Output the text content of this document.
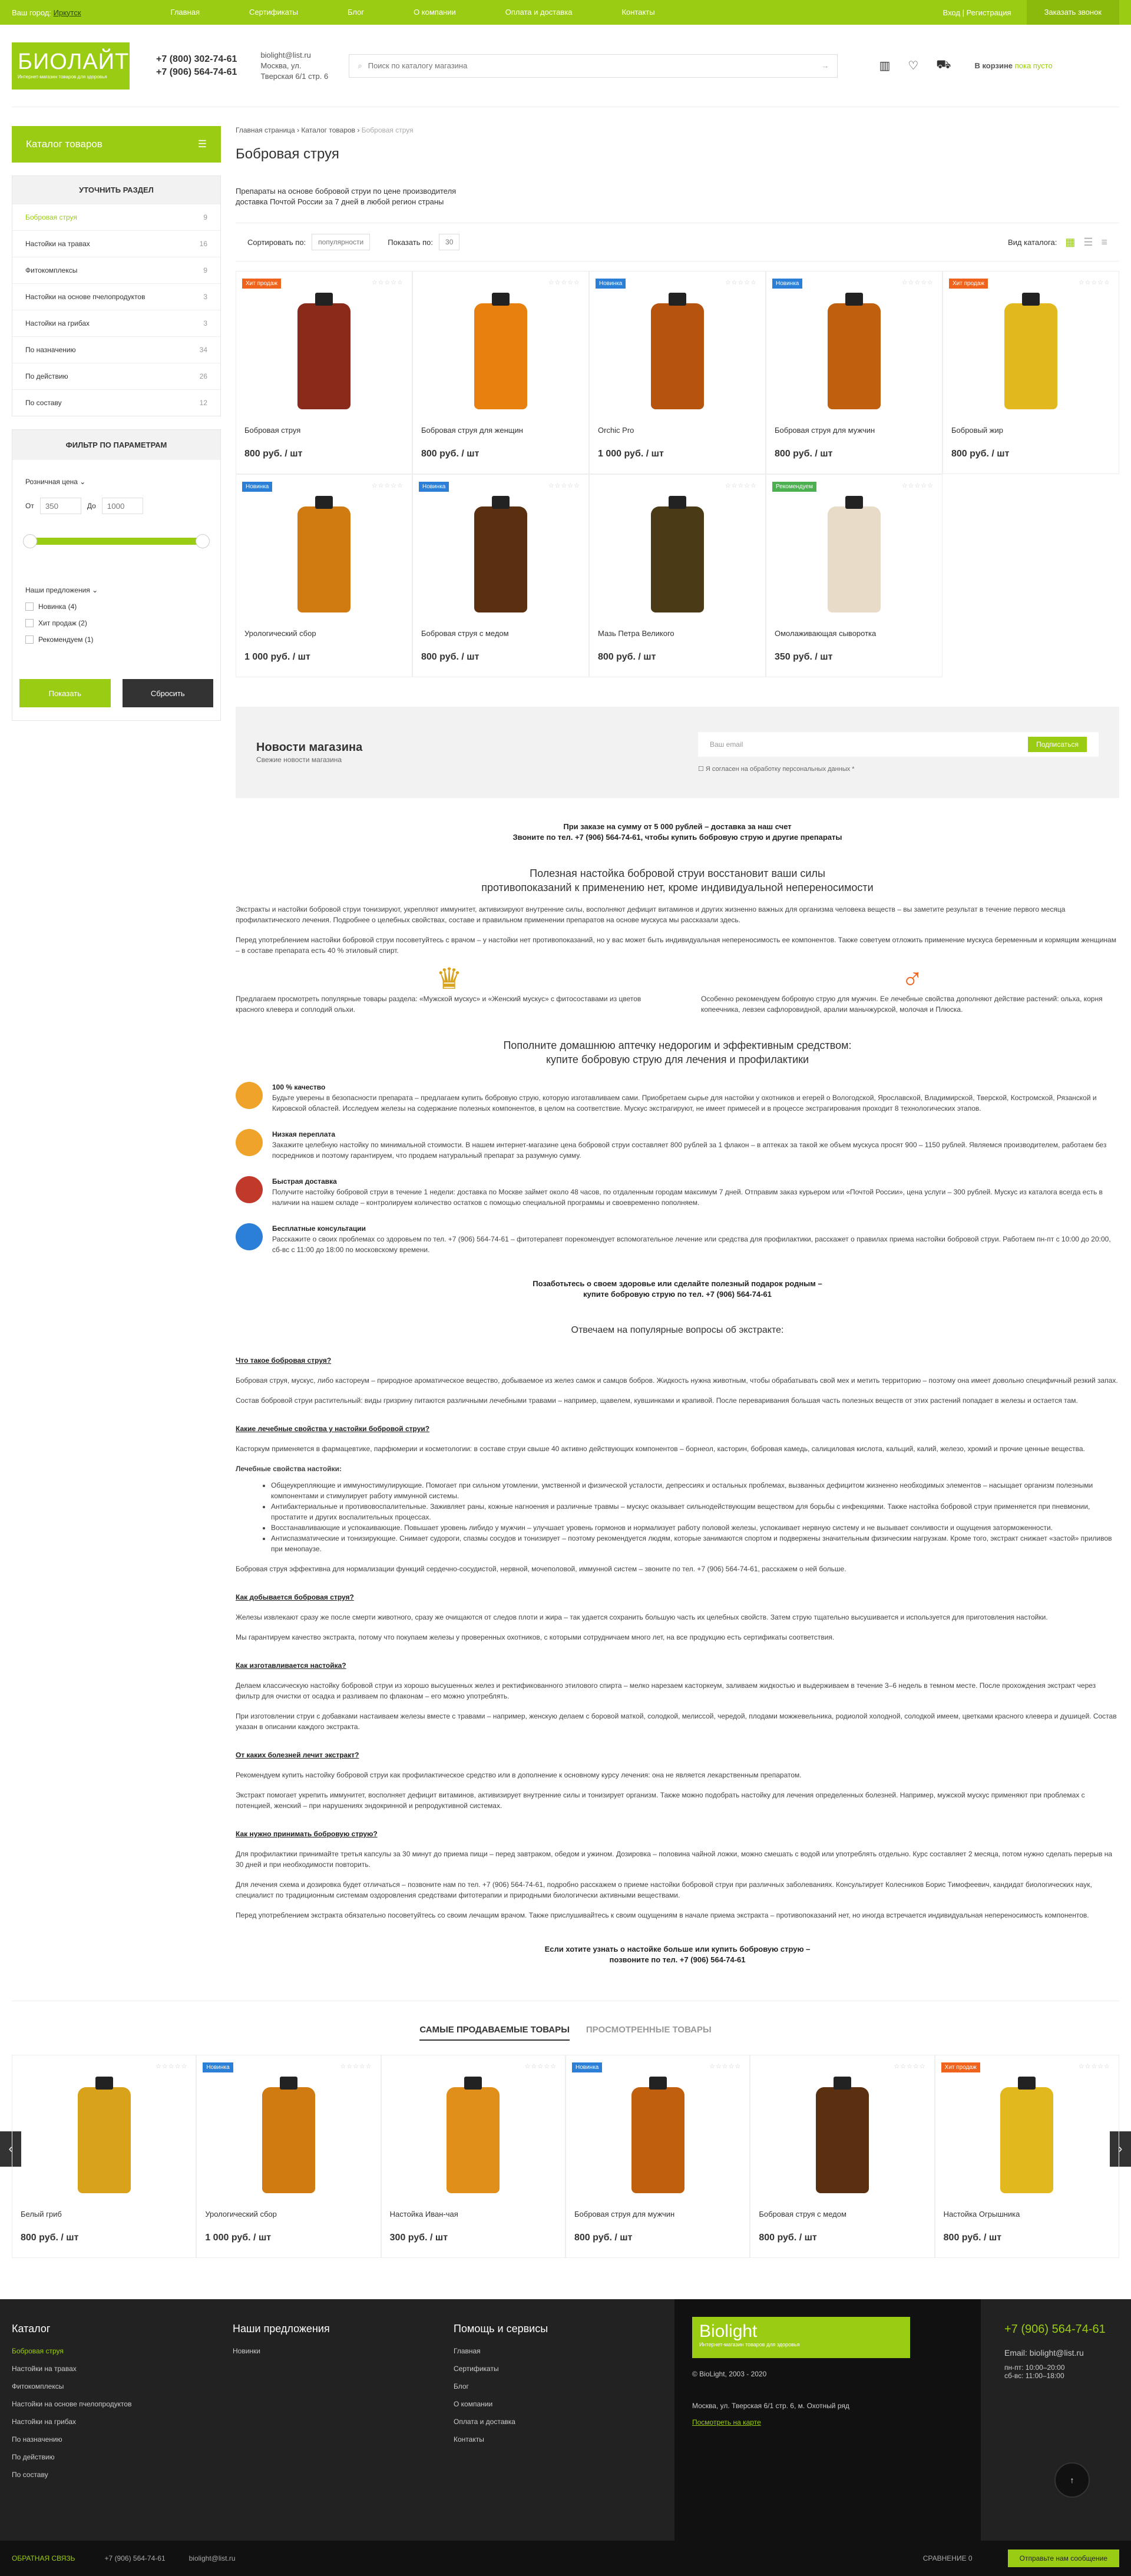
Ваш город: Иркутск	Главная	Сертификаты	Блог	О компании	Оплата и доставка	Контакты	Вход | Регистрация	Заказать звонок
БИОЛАЙТ
Интернет-магазин товаров для здоровья
+7 (800) 302-74-61
+7 (906) 564-74-61
biolight@list.ru
Москва, ул. Тверская 6/1 стр. 6
⌕
Поиск по каталогу магазина	→	▥ ♡ ⛟	В корзине пока пусто
Каталог товаров	☰
УТОЧНИТЬ РАЗДЕЛ
Бобровая струя	9
Настойки на травах	16
Фитокомплексы	9
Настойки на основе пчелопродуктов	3
Настойки на грибах	3
По назначению	34
По действию	26
По составу	12
ФИЛЬТР ПО ПАРАМЕТРАМ
Розничная цена ⌄
От
350	До
1000
Наши предложения ⌄
Новинка (4)
Хит продаж (2)
Рекомендуем (1)
Показать	Сбросить
Главная страница › Каталог товаров › Бобровая струя
Бобровая струя
Препараты на основе бобровой струи по цене производителя доставка Почтой России за 7 дней в любой регион страны
Сортировать по:	популярности	Показать по:	30	Вид каталога: ▦ ☰ ≡
Хит продаж	☆☆☆☆☆
Бобровая струя
800 руб. / шт
☆☆☆☆☆
Бобровая струя для женщин
800 руб. / шт
Новинка	☆☆☆☆☆
Orchic Pro
1 000 руб. / шт
Новинка	☆☆☆☆☆
Бобровая струя для мужчин
800 руб. / шт
Хит продаж	☆☆☆☆☆
Бобровый жир
800 руб. / шт
Новинка	☆☆☆☆☆
Урологический сбор
1 000 руб. / шт
Новинка	☆☆☆☆☆
Бобровая струя с медом
800 руб. / шт
☆☆☆☆☆
Мазь Петра Великого
800 руб. / шт
Рекомендуем	☆☆☆☆☆
Омолаживающая сыворотка
350 руб. / шт
Новости магазина
Свежие новости магазина
Ваш email	Подписаться
☐ Я согласен на обработку персональных данных *
При заказе на сумму от 5 000 рублей – доставка за наш счет
Звоните по тел. +7 (906) 564-74-61, чтобы купить бобровую струю и другие препараты
Полезная настойка бобровой струи восстановит ваши силы
противопоказаний к применению нет, кроме индивидуальной непереносимости

Экстракты и настойки бобровой струи тонизируют, укрепляют иммунитет, активизируют внутренние силы, восполняют дефицит витаминов и других жизненно важных для организма человека веществ – вы заметите результат в течение первого месяца профилактического лечения. Подробнее о целебных свойствах, составе и правильном применении препаратов на основе мускуса мы рассказали здесь.

Перед употреблением настойки бобровой струи посоветуйтесь с врачом – у настойки нет противопоказаний, но у вас может быть индивидуальная непереносимость ее компонентов. Также советуем отложить применение мускуса беременным и кормящим женщинам – в составе препарата есть 40 % этиловый спирт.

♛

Предлагаем просмотреть популярные товары раздела: «Мужской мускус» и «Женский мускус» с фитосоставами из цветов красного клевера и соплодий ольхи.

♂

Особенно рекомендуем бобровую струю для мужчин. Ее лечебные свойства дополняют действие растений: ольха, корня копеечника, левзеи сафлоровидной, аралии маньчжурской, молочая и Плюска.

Пополните домашнюю аптечку недорогим и эффективным средством:
купите бобровую струю для лечения и профилактики
100 % качество
Будьте уверены в безопасности препарата – предлагаем купить бобровую струю, которую изготавливаем сами. Приобретаем сырье для настойки у охотников и егерей о Вологодской, Ярославской, Владимирской, Тверской, Костромской, Рязанской и Кировской областей. Исследуем железы на содержание полезных компонентов, в целом на соответствие. Мускус экстрагируют, не имеет примесей и в процессе экстрагирования проходит 8 технологических этапов.
Низкая переплата
Закажите целебную настойку по минимальной стоимости. В нашем интернет-магазине цена бобровой струи составляет 800 рублей за 1 флакон – в аптеках за такой же объем мускуса просят 900 – 1150 рублей. Являемся производителем, работаем без посредников и поэтому гарантируем, что продаем натуральный препарат за разумную сумму.
Быстрая доставка
Получите настойку бобровой струи в течение 1 недели: доставка по Москве займет около 48 часов, по отдаленным городам максимум 7 дней. Отправим заказ курьером или «Почтой России», цена услуги – 300 рублей. Мускус из каталога всегда есть в наличии на нашем складе – контролируем количество остатков с помощью специальной программы и своевременно пополняем.
Бесплатные консультации
Расскажите о своих проблемах со здоровьем по тел. +7 (906) 564-74-61 – фитотерапевт порекомендует вспомогательное лечение или средства для профилактики, расскажет о правилах приема настойки бобровой струи. Работаем пн-пт с 10:00 до 20:00, сб-вс с 11:00 до 18:00 по московскому времени.
Позаботьтесь о своем здоровье или сделайте полезный подарок родным –
купите бобровую струю по тел. +7 (906) 564-74-61
Отвечаем на популярные вопросы об экстракте:
Что такое бобровая струя?

Бобровая струя, мускус, либо кастореум – природное ароматическое вещество, добываемое из желез самок и самцов бобров. Жидкость нужна животным, чтобы обрабатывать свой мех и метить территорию – поэтому она имеет довольно специфичный резкий запах.

Состав бобровой струи растительный: виды гризрину питаются различными лечебными травами – например, щавелем, кувшинками и крапивой. После переваривания большая часть полезных веществ от этих растений попадает в железы и остается там.

Какие лечебные свойства у настойки бобровой струи?

Касторкум применяется в фармацевтике, парфюмерии и косметологии: в составе струи свыше 40 активно действующих компонентов – борнеол, касторин, бобровая камедь, салициловая кислота, кальций, калий, железо, хромий и прочие ценные вещества.

Лечебные свойства настойки:

• Общеукрепляющие и иммуностимулирующие. Помогает при сильном утомлении, умственной и физической усталости, депрессиях и остальных проблемах, вызванных дефицитом жизненно необходимых элементов – насыщает организм полезными компонентами и стимулирует работу иммунной системы.
• Антибактериальные и противовоспалительные. Заживляет раны, кожные нагноения и различные травмы – мускус оказывает сильнодействующим веществом для борьбы с инфекциями. Также настойка бобровой струи применяется при пневмонии, простатите и других воспалительных процессах.
• Восстанавливающие и успокаивающие. Повышает уровень либидо у мужчин – улучшает уровень гормонов и нормализует работу половой железы, успокаивает нервную систему и не вызывает сонливости и ощущения заторможенности.
• Антиспазматические и тонизирующие. Снимает судороги, спазмы сосудов и тонизирует – поэтому рекомендуется людям, которые занимаются спортом и подвержены значительным физическим нагрузкам. Кроме того, экстракт снижает «застой» приливов при менопаузе.

Бобровая струя эффективна для нормализации функций сердечно-сосудистой, нервной, мочеполовой, иммунной систем – звоните по тел. +7 (906) 564-74-61, расскажем о ней больше.

Как добывается бобровая струя?

Железы извлекают сразу же после смерти животного, сразу же очищаются от следов плоти и жира – так удается сохранить большую часть их целебных свойств. Затем струю тщательно высушивается и используется для приготовления настойки.

Мы гарантируем качество экстракта, потому что покупаем железы у проверенных охотников, с которыми сотрудничаем много лет, на все продукцию есть сертификаты соответствия.

Как изготавливается настойка?

Делаем классическую настойку бобровой струи из хорошо высушенных желез и ректификованного этилового спирта – мелко нарезаем касторкеум, заливаем жидкостью и выдерживаем в течение 3–6 недель в темном месте. После прохождения экстракт через фильтр для очистки от осадка и разливаем по флаконам – его можно употреблять.

При изготовлении струи с добавками настаиваем железы вместе с травами – например, женскую делаем с боровой маткой, солодкой, мелиссой, чередой, плодами можжевельника, родиолой холодной, солодкой имеем, цветками красного клевера и душицей. Состав указан в описании каждого экстракта.

От каких болезней лечит экстракт?

Рекомендуем купить настойку бобровой струи как профилактическое средство или в дополнение к основному курсу лечения: она не является лекарственным препаратом.

Экстракт помогает укрепить иммунитет, восполняет дефицит витаминов, активизирует внутренние силы и тонизирует организм. Также можно подобрать настойку для лечения определенных болезней. Например, мужской мускус применяют при проблемах с потенцией, женский – при нарушениях эндокринной и репродуктивной системах.

Как нужно принимать бобровую струю?

Для профилактики принимайте третья капсулы за 30 минут до приема пищи – перед завтраком, обедом и ужином. Дозировка – половина чайной ложки, можно смешать с водой или употреблять отдельно. Курс составляет 2 месяца, потом нужно сделать перерыв на 30 дней и при необходимости повторить.

Для лечения схема и дозировка будет отличаться – позвоните нам по тел. +7 (906) 564-74-61, подробно расскажем о приеме настойки бобровой струи при различных заболеваниях. Консультирует Колесников Борис Тимофеевич, кандидат биологических наук, специалист по традиционным системам оздоровления средствами фитотерапии и природными биологически активными веществами.

Перед употреблением экстракта обязательно посоветуйтесь со своим лечащим врачом. Также прислушивайтесь к своим ощущениям в начале приема экстракта – противопоказаний нет, но иногда встречается индивидуальная непереносимость компонентов.

Если хотите узнать о настойке больше или купить бобровую струю –
позвоните по тел. +7 (906) 564-74-61
САМЫЕ ПРОДАВАЕМЫЕ ТОВАРЫ ПРОСМОТРЕННЫЕ ТОВАРЫ
‹	›
☆☆☆☆☆
Белый гриб
800 руб. / шт
Новинка	☆☆☆☆☆
Урологический сбор
1 000 руб. / шт
☆☆☆☆☆
Настойка Иван-чая
300 руб. / шт
Новинка	☆☆☆☆☆
Бобровая струя для мужчин
800 руб. / шт
☆☆☆☆☆
Бобровая струя с медом
800 руб. / шт
Хит продаж	☆☆☆☆☆
Настойка Огрышника
800 руб. / шт
Каталог
Бобровая струя
Настойки на травах
Фитокомплексы
Настойки на основе пчелопродуктов
Настойки на грибах
По назначению
По действию
По составу
Наши предложения
Новинки
Помощь и сервисы
Главная
Сертификаты
Блог
О компании
Оплата и доставка
Контакты
Biolight
Интернет-магазин товаров для здоровья
© BioLight, 2003 - 2020
Москва, ул. Тверская 6/1 стр. 6, м. Охотный ряд
Посмотреть на карте
+7 (906) 564-74-61
Email: biolight@list.ru
пн-пт: 10:00–20:00
сб-вс: 11:00–18:00
↑
ОБРАТНАЯ СВЯЗЬ	+7 (906) 564-74-61	biolight@list.ru	СРАВНЕНИЕ 0	Отправьте нам сообщение
